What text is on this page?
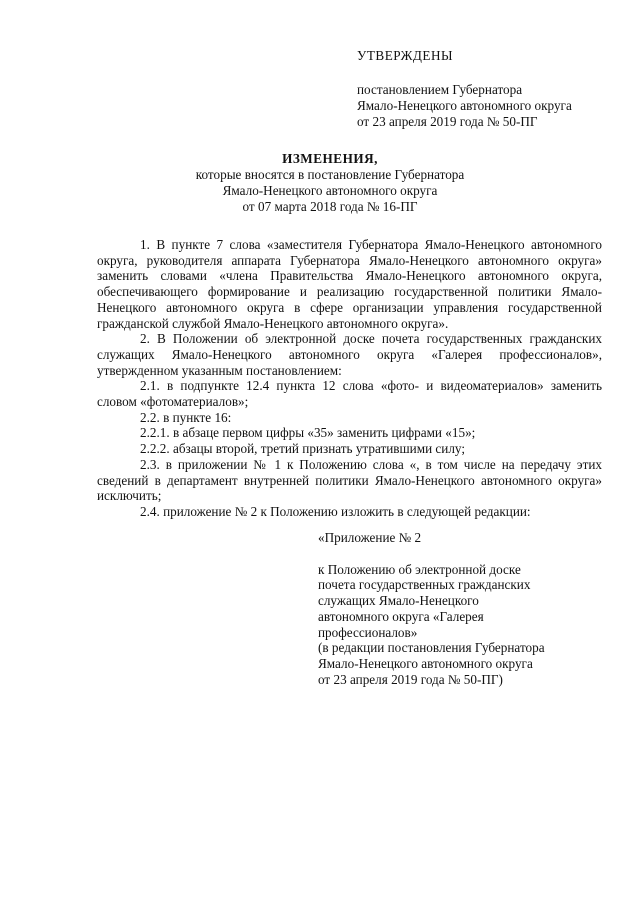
УТВЕРЖДЕНЫ
постановлением Губернатора
Ямало-Ненецкого автономного округа
от 23 апреля 2019 года № 50-ПГ
ИЗМЕНЕНИЯ,
которые вносятся в постановление Губернатора
Ямало-Ненецкого автономного округа
от 07 марта 2018 года № 16-ПГ

1. В пункте 7 слова «заместителя Губернатора Ямало-Ненецкого автономного округа, руководителя аппарата Губернатора Ямало-Ненецкого автономного округа» заменить словами «члена Правительства Ямало-Ненецкого автономного округа, обеспечивающего формирование и реализацию государственной политики Ямало-Ненецкого автономного округа в сфере организации управления государственной гражданской службой Ямало-Ненецкого автономного округа».

2. В Положении об электронной доске почета государственных гражданских служащих Ямало-Ненецкого автономного округа «Галерея профессионалов», утвержденном указанным постановлением:

2.1. в подпункте 12.4 пункта 12 слова «фото- и видеоматериалов» заменить словом «фотоматериалов»;

2.2. в пункте 16:

2.2.1. в абзаце первом цифры «35» заменить цифрами «15»;

2.2.2. абзацы второй, третий признать утратившими силу;

2.3. в приложении № 1 к Положению слова «, в том числе на передачу этих сведений в департамент внутренней политики Ямало-Ненецкого автономного округа» исключить;

2.4. приложение № 2 к Положению изложить в следующей редакции:

«Приложение № 2
к Положению об электронной доске
почета государственных гражданских
служащих Ямало-Ненецкого
автономного округа «Галерея
профессионалов»
(в редакции постановления Губернатора
Ямало-Ненецкого автономного округа
от 23 апреля 2019 года № 50-ПГ)
